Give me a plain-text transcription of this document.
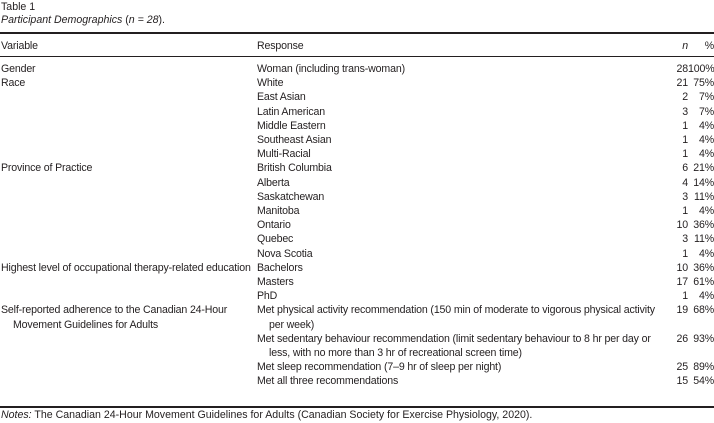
Table 1
Participant Demographics (n = 28).
Variable	Response	n	%

Gender	Woman (including trans-woman)	28	100%
Race	White	21	75%
	East Asian	2	7%
	Latin American	3	7%
	Middle Eastern	1	4%
	Southeast Asian	1	4%
	Multi-Racial	1	4%
Province of Practice	British Columbia	6	21%
	Alberta	4	14%
	Saskatchewan	3	11%
	Manitoba	1	4%
	Ontario	10	36%
	Quebec	3	11%
	Nova Scotia	1	4%
Highest level of occupational therapy-related education	Bachelors	10	36%
	Masters	17	61%
	PhD	1	4%
Self-reported adherence to the Canadian 24-Hour Movement Guidelines for Adults	Met physical activity recommendation (150 min of moderate to vigorous physical activity per week)	19	68%
	Met sedentary behaviour recommendation (limit sedentary behaviour to 8 hr per day or less, with no more than 3 hr of recreational screen time)	26	93%
	Met sleep recommendation (7–9 hr of sleep per night)	25	89%
	Met all three recommendations	15	54%
Notes: The Canadian 24-Hour Movement Guidelines for Adults (Canadian Society for Exercise Physiology, 2020).
